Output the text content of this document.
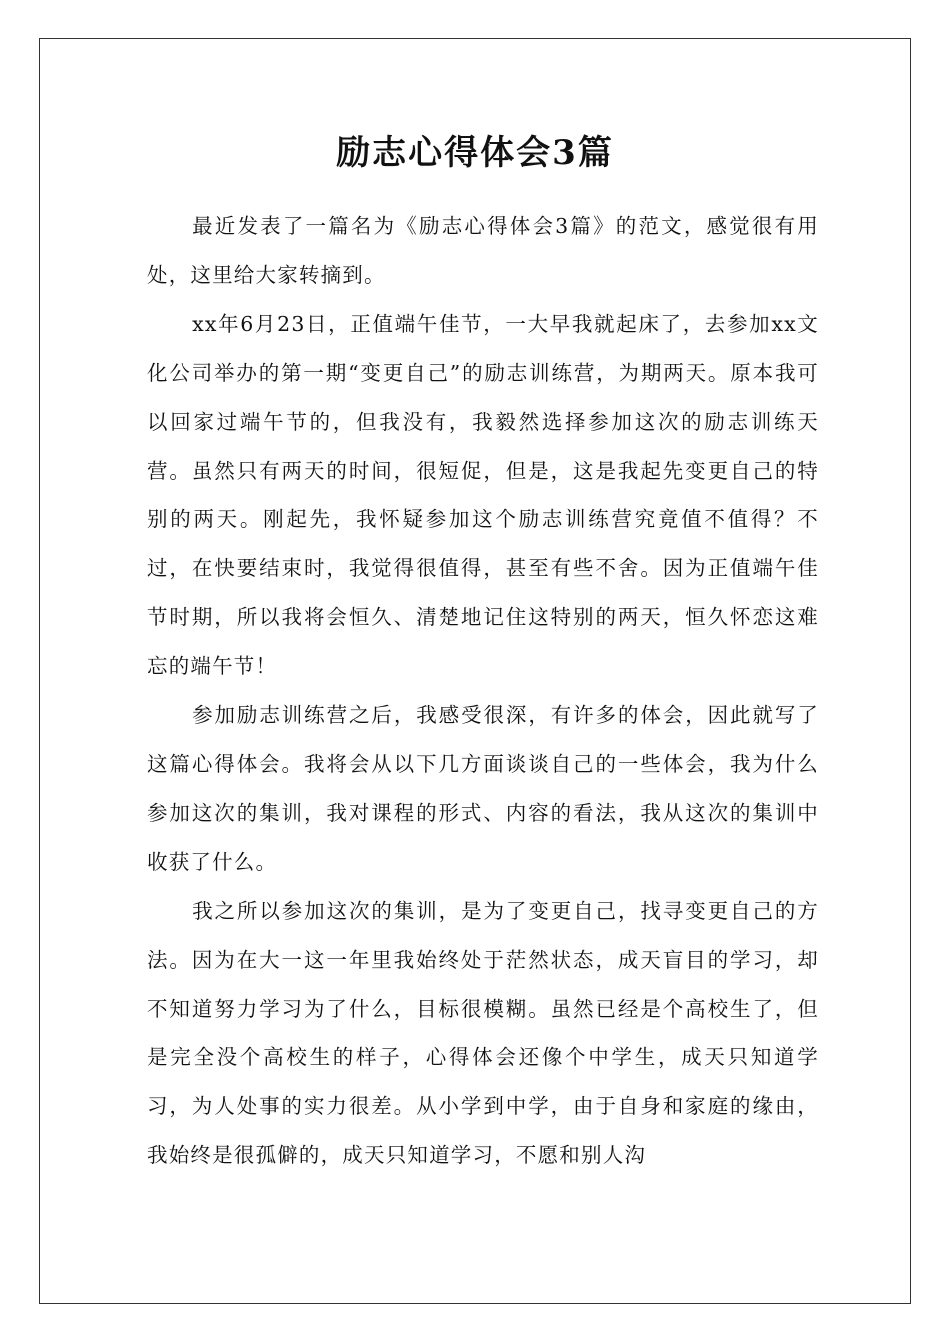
励志心得体会3篇

最近发表了一篇名为《励志心得体会3篇》的范文，感觉很有用处，这里给大家转摘到。

xx年6月23日，正值端午佳节，一大早我就起床了，去参加xx文化公司举办的第一期“变更自己”的励志训练营，为期两天。原本我可以回家过端午节的，但我没有，我毅然选择参加这次的励志训练天营。虽然只有两天的时间，很短促，但是，这是我起先变更自己的特别的两天。刚起先，我怀疑参加这个励志训练营究竟值不值得？不过，在快要结束时，我觉得很值得，甚至有些不舍。因为正值端午佳节时期，所以我将会恒久、清楚地记住这特别的两天，恒久怀恋这难忘的端午节！

参加励志训练营之后，我感受很深，有许多的体会，因此就写了这篇心得体会。我将会从以下几方面谈谈自己的一些体会，我为什么参加这次的集训，我对课程的形式、内容的看法，我从这次的集训中收获了什么。

我之所以参加这次的集训，是为了变更自己，找寻变更自己的方法。因为在大一这一年里我始终处于茫然状态，成天盲目的学习，却不知道努力学习为了什么，目标很模糊。虽然已经是个高校生了，但是完全没个高校生的样子，心得体会还像个中学生，成天只知道学习，为人处事的实力很差。从小学到中学，由于自身和家庭的缘由，我始终是很孤僻的，成天只知道学习，不愿和别人沟
